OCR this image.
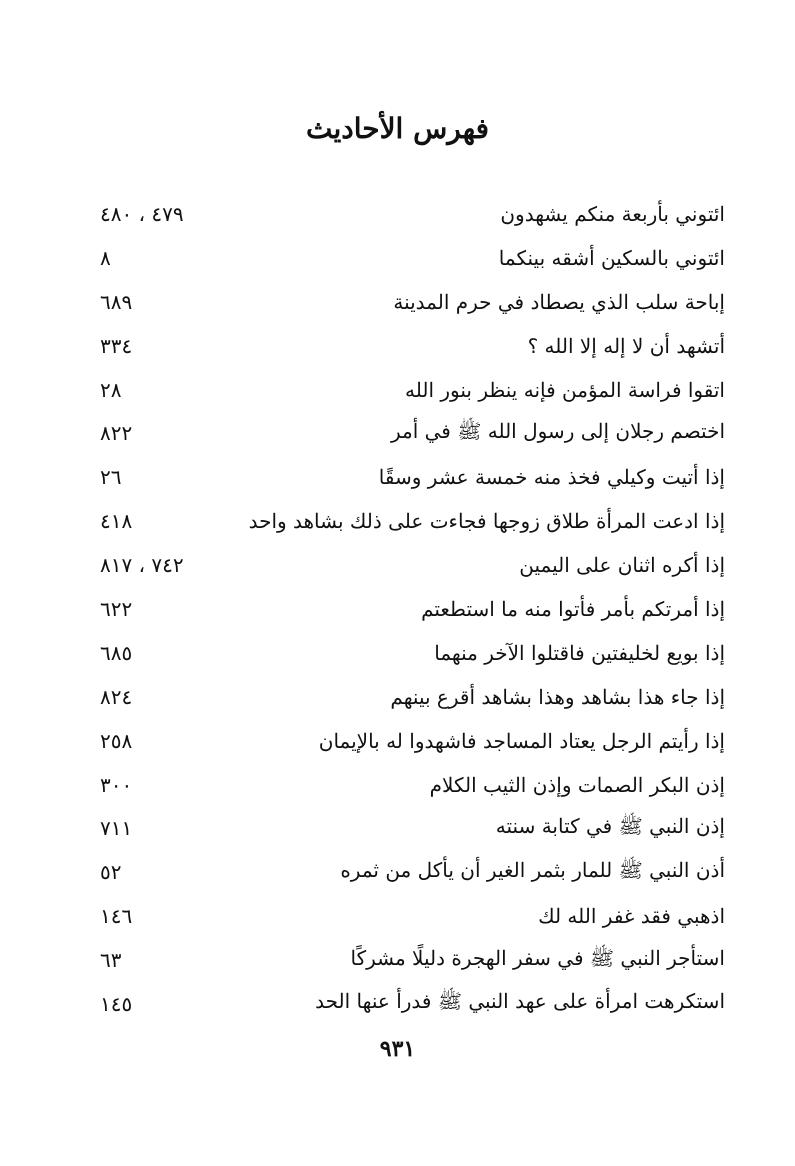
فهرس الأحاديث
ائتوني بأربعة منكم يشهدون
٤٧٩ ، ٤٨٠
ائتوني بالسكين أشقه بينكما
٨
إباحة سلب الذي يصطاد في حرم المدينة
٦٨٩
أتشهد أن لا إله إلا الله ؟
٣٣٤
اتقوا فراسة المؤمن فإنه ينظر بنور الله
٢٨
اختصم رجلان إلى رسول الله ﷺ في أمر
٨٢٢
إذا أتيت وكيلي فخذ منه خمسة عشر وسقًا
٢٦
إذا ادعت المرأة طلاق زوجها فجاءت على ذلك بشاهد واحد
٤١٨
إذا أكره اثنان على اليمين
٧٤٢ ، ٨١٧
إذا أمرتكم بأمر فأتوا منه ما استطعتم
٦٢٢
إذا بويع لخليفتين فاقتلوا الآخر منهما
٦٨٥
إذا جاء هذا بشاهد وهذا بشاهد أقرع بينهم
٨٢٤
إذا رأيتم الرجل يعتاد المساجد فاشهدوا له بالإيمان
٢٥٨
إذن البكر الصمات وإذن الثيب الكلام
٣٠٠
إذن النبي ﷺ في كتابة سنته
٧١١
أذن النبي ﷺ للمار بثمر الغير أن يأكل من ثمره
٥٢
اذهبي فقد غفر الله لك
١٤٦
استأجر النبي ﷺ في سفر الهجرة دليلًا مشركًا
٦٣
استكرهت امرأة على عهد النبي ﷺ فدرأ عنها الحد
١٤٥
٩٣١
